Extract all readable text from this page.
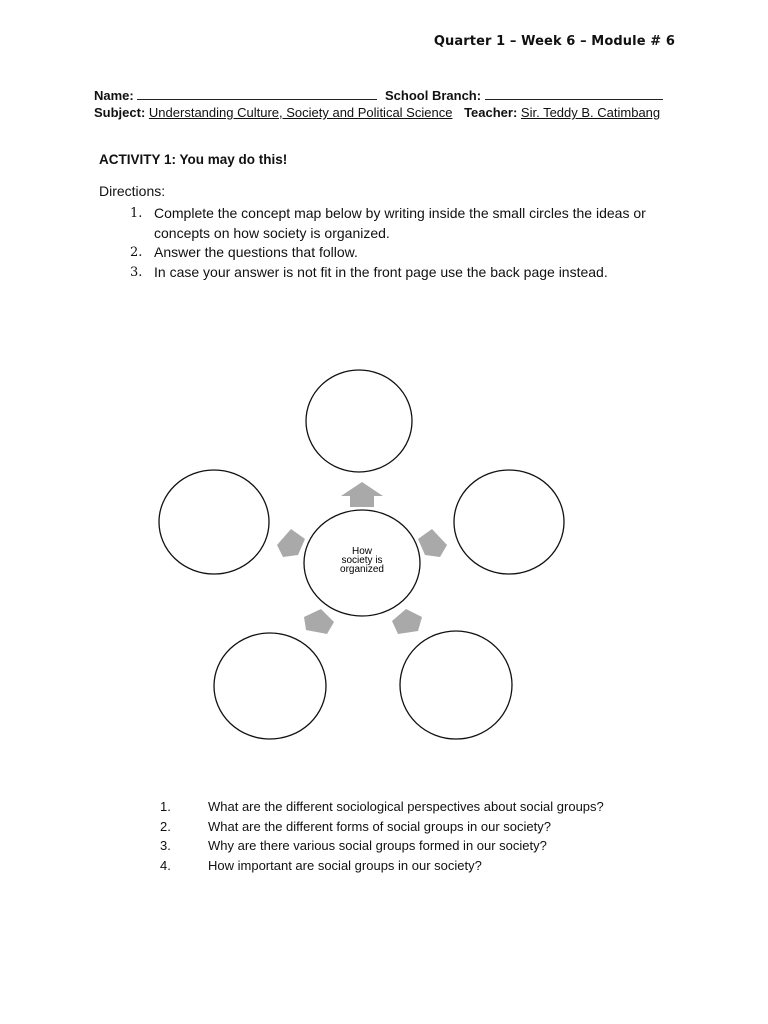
Quarter 1 – Week 6 – Module # 6
Name:	School Branch:
Subject: Understanding Culture, Society and Political Science Teacher: Sir. Teddy B. Catimbang
ACTIVITY 1: You may do this!
Directions:
1. Complete the concept map below by writing inside the small circles the ideas or concepts on how society is organized.
2. Answer the questions that follow.
3. In case your answer is not fit in the front page use the back page instead.
How
society is
organized
1.	What are the different sociological perspectives about social groups?
2.	What are the different forms of social groups in our society?
3.	Why are there various social groups formed in our society?
4.	How important are social groups in our society?
